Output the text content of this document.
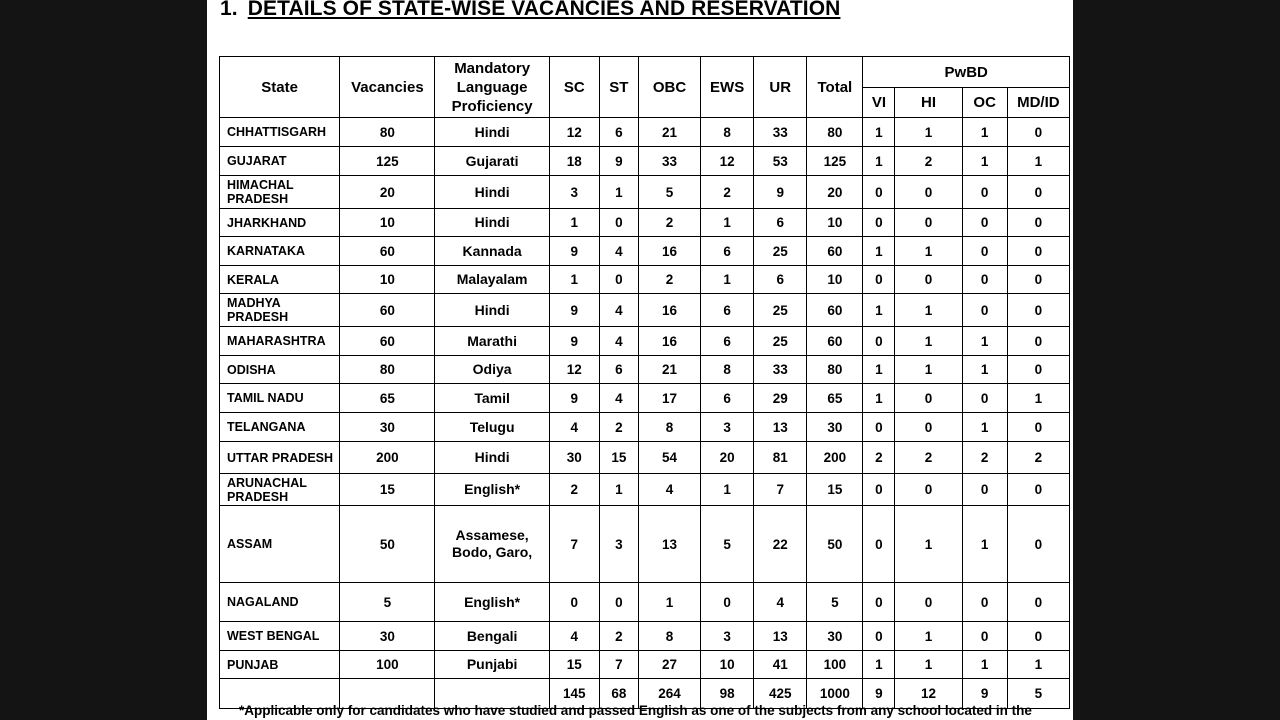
1. DETAILS OF STATE-WISE VACANCIES AND RESERVATION
State	Vacancies	Mandatory Language Proficiency	SC	ST	OBC	EWS	UR	Total	PwBD			
									VI	HI	OC	MD/ID
CHHATTISGARH	80	Hindi	12	6	21	8	33	80	1	1	1	0
GUJARAT	125	Gujarati	18	9	33	12	53	125	1	2	1	1
HIMACHAL PRADESH	20	Hindi	3	1	5	2	9	20	0	0	0	0
JHARKHAND	10	Hindi	1	0	2	1	6	10	0	0	0	0
KARNATAKA	60	Kannada	9	4	16	6	25	60	1	1	0	0
KERALA	10	Malayalam	1	0	2	1	6	10	0	0	0	0
MADHYA PRADESH	60	Hindi	9	4	16	6	25	60	1	1	0	0
MAHARASHTRA	60	Marathi	9	4	16	6	25	60	0	1	1	0
ODISHA	80	Odiya	12	6	21	8	33	80	1	1	1	0
TAMIL NADU	65	Tamil	9	4	17	6	29	65	1	0	0	1
TELANGANA	30	Telugu	4	2	8	3	13	30	0	0	1	0
UTTAR PRADESH	200	Hindi	30	15	54	20	81	200	2	2	2	2
ARUNACHAL PRADESH	15	English*	2	1	4	1	7	15	0	0	0	0
ASSAM	50	Assamese, Bodo, Garo,	7	3	13	5	22	50	0	1	1	0
NAGALAND	5	English*	0	0	1	0	4	5	0	0	0	0
WEST BENGAL	30	Bengali	4	2	8	3	13	30	0	1	0	0
PUNJAB	100	Punjabi	15	7	27	10	41	100	1	1	1	1
			145	68	264	98	425	1000	9	12	9	5
*Applicable only for candidates who have studied and passed English as one of the subjects from any school located in the
